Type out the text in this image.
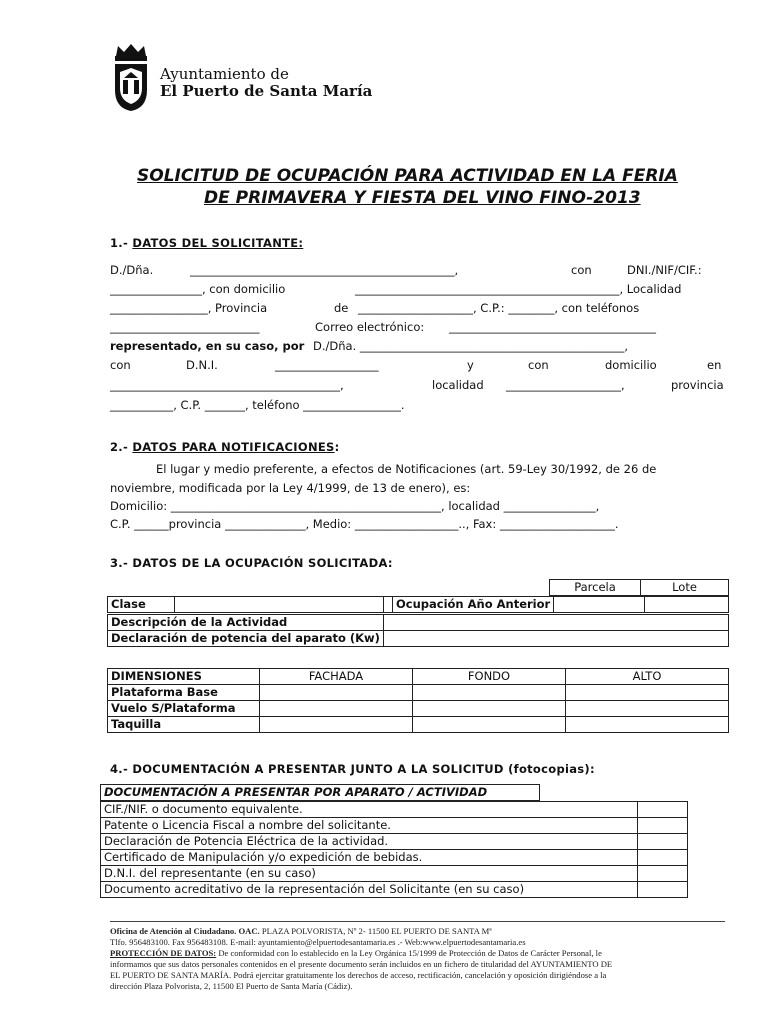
Ayuntamiento de
El Puerto de Santa María
SOLICITUD DE OCUPACIÓN PARA ACTIVIDAD EN LA FERIA
DE PRIMAVERA Y FIESTA DEL VINO FINO-2013
1.- DATOS DEL SOLICITANTE:
D./Dña.	______________________________________________,	con	DNI./NIF/CIF.:
________________, con domicilio	______________________________________________, Localidad
_________________, Provincia	de ____________________, C.P.: ________, con teléfonos
__________________________	Correo electrónico: ____________________________________
representado, en su caso, por D./Dña. ______________________________________________,
con	D.N.I.	__________________	y	con	domicilio	en
________________________________________,	localidad ____________________,	provincia
___________, C.P. _______, teléfono _________________.
2.- DATOS PARA NOTIFICACIONES:
El lugar y medio preferente, a efectos de Notificaciones (art. 59-Ley 30/1992, de 26 de
noviembre, modificada por la Ley 4/1999, de 13 de enero), es:
Domicilio: _______________________________________________, localidad ________________,
C.P. ______provincia ______________, Medio: __________________.., Fax: ____________________.
3.- DATOS DE LA OCUPACIÓN SOLICITADA:
Parcela	Lote
Clase			Ocupación Año Anterior		
Descripción de la Actividad	
Declaración de potencia del aparato (Kw)	
DIMENSIONES	FACHADA	FONDO	ALTO
Plataforma Base			
Vuelo S/Plataforma			
Taquilla			
4.- DOCUMENTACIÓN A PRESENTAR JUNTO A LA SOLICITUD (fotocopias):
DOCUMENTACIÓN A PRESENTAR POR APARATO / ACTIVIDAD
CIF./NIF. o documento equivalente.	
Patente o Licencia Fiscal a nombre del solicitante.	
Declaración de Potencia Eléctrica de la actividad.	
Certificado de Manipulación y/o expedición de bebidas.	
D.N.I. del representante (en su caso)	
Documento acreditativo de la representación del Solicitante (en su caso)	
Oficina de Atención al Ciudadano. OAC. PLAZA POLVORISTA, Nº 2- 11500 EL PUERTO DE SANTA Mª
Tlfo. 956483100. Fax 956483108. E-mail: ayuntamiento@elpuertodesantamaria.es .- Web:www.elpuertodesantamaria.es
PROTECCIÓN DE DATOS: De conformidad con lo establecido en la Ley Orgánica 15/1999 de Protección de Datos de Carácter Personal, le
informamos que sus datos personales contenidos en el presente documento serán incluidos en un fichero de titularidad del AYUNTAMIENTO DE
EL PUERTO DE SANTA MARÍA. Podrá ejercitar gratuitamente los derechos de acceso, rectificación, cancelación y oposición dirigiéndose a la
dirección Plaza Polvorista, 2, 11500 El Puerto de Santa María (Cádiz).
